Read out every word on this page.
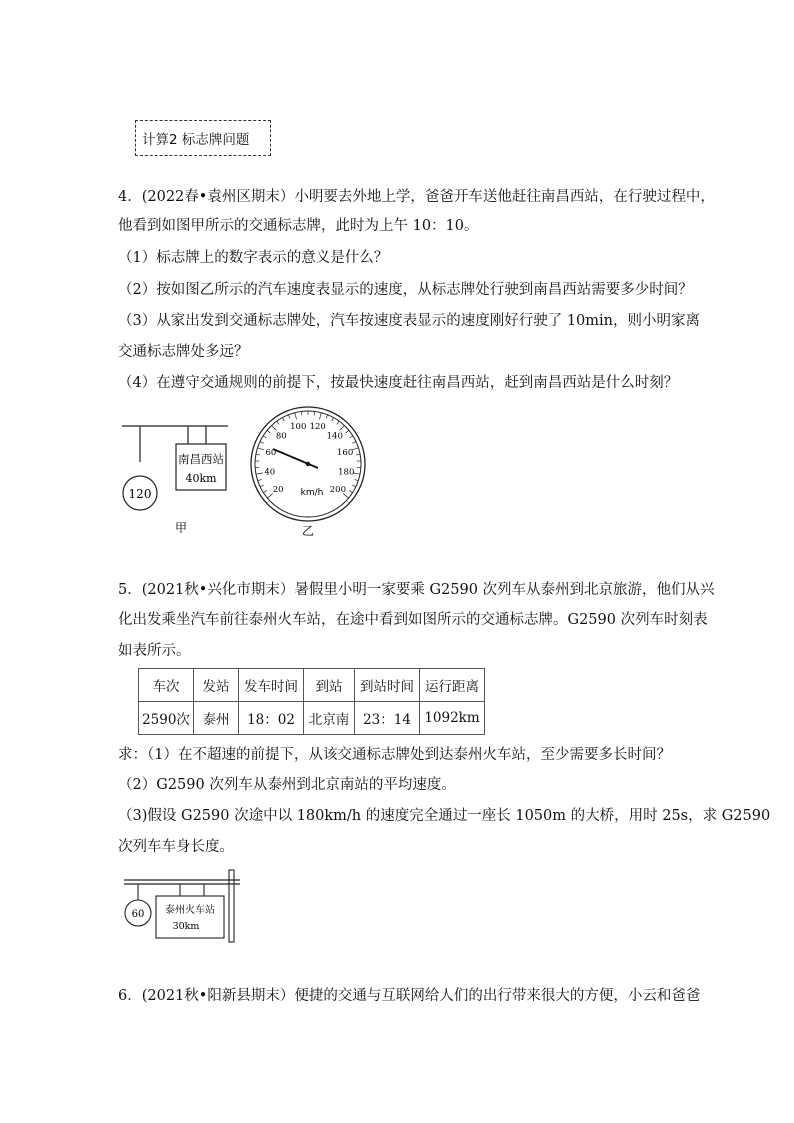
计算2 标志牌问题
4．(2022春•袁州区期末）小明要去外地上学，爸爸开车送他赶往南昌西站，在行驶过程中，
他看到如图甲所示的交通标志牌，此时为上午 10：10。
（1）标志牌上的数字表示的意义是什么？
（2）按如图乙所示的汽车速度表显示的速度，从标志牌处行驶到南昌西站需要多少时间？
（3）从家出发到交通标志牌处，汽车按速度表显示的速度刚好行驶了 10min，则小明家离
交通标志牌处多远？
（4）在遵守交通规则的前提下，按最快速度赶往南昌西站，赶到南昌西站是什么时刻？
120
南昌西站
40km
甲
20
40
60
80
100 120
140
160
180
200
km/h
乙
5．(2021秋•兴化市期末）暑假里小明一家要乘 G2590 次列车从泰州到北京旅游，他们从兴
化出发乘坐汽车前往泰州火车站，在途中看到如图所示的交通标志牌。G2590 次列车时刻表
如表所示。
车次	发站	发车时间	到站	到站时间	运行距离
2590次	泰州	18：02	北京南	23：14	1092km
求：（1）在不超速的前提下，从该交通标志牌处到达泰州火车站，至少需要多长时间？
（2）G2590 次列车从泰州到北京南站的平均速度。
（3)假设 G2590 次途中以 180km/h 的速度完全通过一座长 1050m 的大桥，用时 25s，求 G2590
次列车车身长度。
60 泰州火车站
30km
6．(2021秋•阳新县期末）便捷的交通与互联网给人们的出行带来很大的方便，小云和爸爸
